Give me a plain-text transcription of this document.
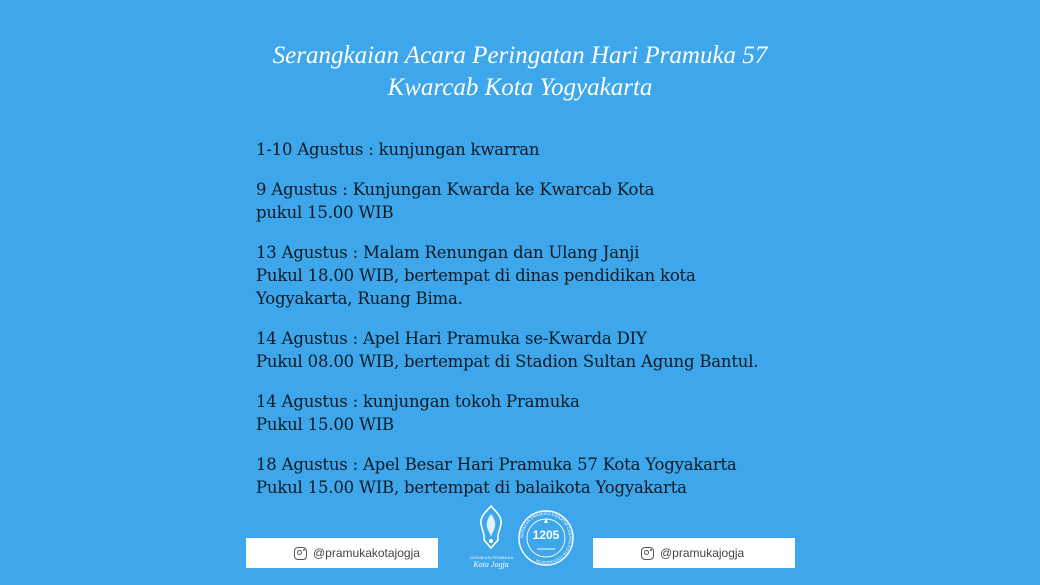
Serangkaian Acara Peringatan Hari Pramuka 57
Kwarcab Kota Yogyakarta
1-10 Agustus : kunjungan kwarran
9 Agustus : Kunjungan Kwarda ke Kwarcab Kota
pukul 15.00 WIB
13 Agustus : Malam Renungan dan Ulang Janji
Pukul 18.00 WIB, bertempat di dinas pendidikan kota
Yogyakarta, Ruang Bima.
14 Agustus : Apel Hari Pramuka se-Kwarda DIY
Pukul 08.00 WIB, bertempat di Stadion Sultan Agung Bantul.
14 Agustus : kunjungan tokoh Pramuka
Pukul 15.00 WIB
18 Agustus : Apel Besar Hari Pramuka 57 Kota Yogyakarta
Pukul 15.00 WIB, bertempat di balaikota Yogyakarta
@pramukakotajogja	GERAKAN PRAMUKA
Kota Jogja
GERAKAN PRAMUKA KWARTIR CABANG KOTA YOGYAKARTA
1205
@pramukajogja
